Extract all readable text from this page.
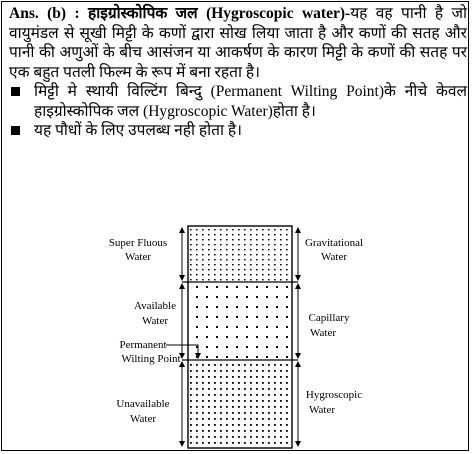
Ans. (b) : हाइग्रोस्कोपिक जल (Hygroscopic water)-यह वह पानी है जो वायुमंडल से सूखी मिट्टी के कणों द्वारा सोख लिया जाता है और कणों की सतह और पानी की अणुओं के बीच आसंजन या आकर्षण के कारण मिट्टी के कणों की सतह पर एक बहुत पतली फिल्म के रूप में बना रहता है।

मिट्टी मे स्थायी विल्टिंग बिन्दु (Permanent Wilting Point)के नीचे केवल हाइग्रोस्कोपिक जल (Hygroscopic Water)होता है।

यह पौधों के लिए उपलब्ध नही होता है।

Super Fluous
Water
Available
Water
Permanent
Wilting Point
Unavailable
Water
Gravitational
Water
Capillary
Water
Hygroscopic
Water
